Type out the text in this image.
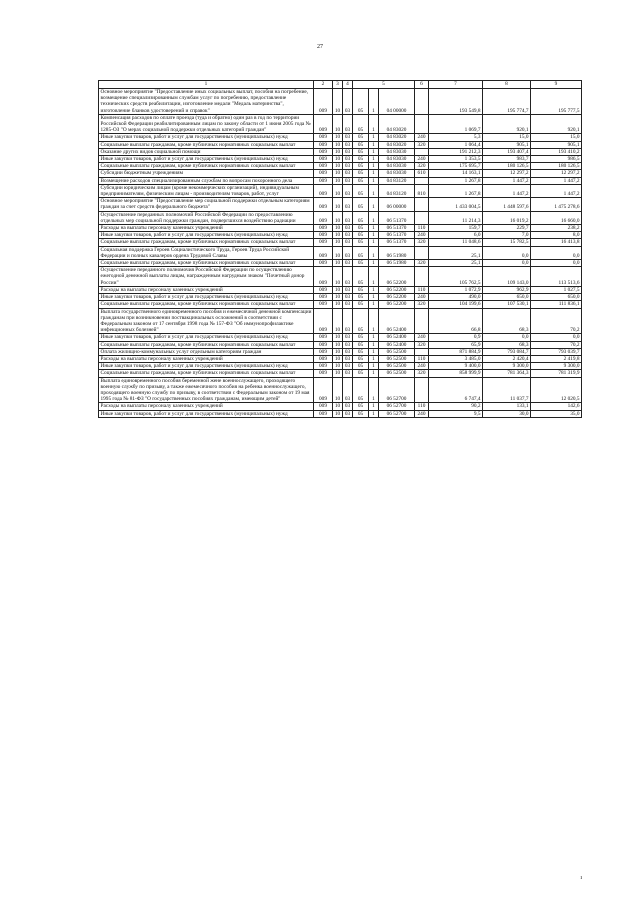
27
1	2	3	4	5			6	7	8	9
Основное мероприятие "Предоставление иных социальных выплат, пособия на погребение, возмещение специализированным службам услуг по погребению, предоставление технических средств реабилитации, изготовление медали "Медаль материнства", изготовление бланков удостоверений и справок"	009	10	03	05	1	04 00000		193 549,8	195 774,7	195 777,5
Компенсация расходов по оплате проезда (туда и обратно) один раз в год по территории Российской Федерации реабилитированным лицам по закону области от 1 июня 2005 года № 1285-ОЗ "О мерах социальной поддержки отдельных категорий граждан"	009	10	03	05	1	04 83020		1 069,7	920,1	920,1
Иные закупки товаров, работ и услуг для государственных (муниципальных) нужд	009	10	03	05	1	04 83020	240	5,3	15,0	15,0
Социальные выплаты гражданам, кроме публичных нормативных социальных выплат	009	10	03	05	1	04 83020	320	1 064,4	905,1	905,1
Оказание других видов социальной помощи	009	10	03	05	1	04 83030		191 212,3	193 407,4	193 410,2
Иные закупки товаров, работ и услуг для государственных (муниципальных) нужд	009	10	03	05	1	04 83030	240	1 353,5	983,7	986,5
Социальные выплаты гражданам, кроме публичных нормативных социальных выплат	009	10	03	05	1	04 83030	320	175 695,7	180 126,5	180 126,5
Субсидии бюджетным учреждениям	009	10	03	05	1	04 83030	610	14 163,1	12 297,2	12 297,2
Возмещение расходов специализированным службам по вопросам похоронного дела	009	10	03	05	1	04 83120		1 267,8	1 447,2	1 447,2
Субсидии юридическим лицам (кроме некоммерческих организаций), индивидуальным предпринимателям, физическим лицам - производителям товаров, работ, услуг	009	10	03	05	1	04 83120	810	1 267,8	1 447,2	1 447,2
Основное мероприятие "Предоставление мер социальной поддержки отдельным категориям граждан за счет средств федерального бюджета"	009	10	03	05	1	06 00000		1 433 004,5	1 448 597,6	1 475 278,6
Осуществление переданных полномочий Российской Федерации по предоставлению отдельных мер социальной поддержки граждан, подвергшихся воздействию радиации	009	10	03	05	1	06 51370		11 214,3	16 019,2	16 660,0
Расходы на выплаты персоналу казенных учреждений	009	10	03	05	1	06 51370	110	159,7	229,7	238,2
Иные закупки товаров, работ и услуг для государственных (муниципальных) нужд	009	10	03	05	1	06 51370	240	6,0	7,0	8,0
Социальные выплаты гражданам, кроме публичных нормативных социальных выплат	009	10	03	05	1	06 51370	320	11 048,6	15 782,5	16 413,8
Социальная поддержка Героев Социалистического Труда, Героев Труда Российской Федерации и полных кавалеров ордена Трудовой Славы	009	10	03	05	1	06 51980		25,1	0,0	0,0
Социальные выплаты гражданам, кроме публичных нормативных социальных выплат	009	10	03	05	1	06 51980	320	25,1	0,0	0,0
Осуществление переданного полномочия Российской Федерации по осуществлению ежегодной денежной выплаты лицам, награжденным нагрудным знаком "Почетный донор России"	009	10	03	05	1	06 52200		105 762,5	109 143,0	113 513,6
Расходы на выплаты персоналу казенных учреждений	009	10	03	05	1	06 52200	110	1 072,9	962,9	1 027,5
Иные закупки товаров, работ и услуг для государственных (муниципальных) нужд	009	10	03	05	1	06 52200	240	490,0	650,0	650,0
Социальные выплаты гражданам, кроме публичных нормативных социальных выплат	009	10	03	05	1	06 52200	320	104 199,6	107 530,1	111 836,1
Выплата государственного единовременного пособия и ежемесячной денежной компенсации гражданам при возникновении поствакцинальных осложнений в соответствии с Федеральным законом от 17 сентября 1998 года № 157-ФЗ "Об иммунопрофилактике инфекционных болезней"	009	10	03	05	1	06 52400		66,8	68,3	70,2
Иные закупки товаров, работ и услуг для государственных (муниципальных) нужд	009	10	03	05	1	06 52400	240	0,9	0,0	0,0
Социальные выплаты гражданам, кроме публичных нормативных социальных выплат	009	10	03	05	1	06 52400	320	65,9	68,3	70,2
Оплата жилищно-коммунальных услуг отдельным категориям граждан	009	10	03	05	1	06 52500		871 884,9	793 084,7	793 039,7
Расходы на выплаты персоналу казенных учреждений	009	10	03	05	1	06 52500	110	3 485,0	2 420,4	2 419,8
Иные закупки товаров, работ и услуг для государственных (муниципальных) нужд	009	10	03	05	1	06 52500	240	9 400,0	9 300,0	9 300,0
Социальные выплаты гражданам, кроме публичных нормативных социальных выплат	009	10	03	05	1	06 52500	320	858 999,9	781 364,3	781 319,9
Выплата единовременного пособия беременной жене военнослужащего, проходящего военную службу по призыву, а также ежемесячного пособия на ребенка военнослужащего, проходящего военную службу по призыву, в соответствии с Федеральным законом от 19 мая 1995 года № 81-ФЗ "О государственных пособиях гражданам, имеющим детей"	009	10	03	05	1	06 52700		6 747,4	11 037,7	12 020,5
Расходы на выплаты персоналу казенных учреждений	009	10	03	05	1	06 52700	110	90,2	133,1	142,6
Иные закупки товаров, работ и услуг для государственных (муниципальных) нужд	009	10	03	05	1	06 52700	240	9,5	30,0	35,0
ı
